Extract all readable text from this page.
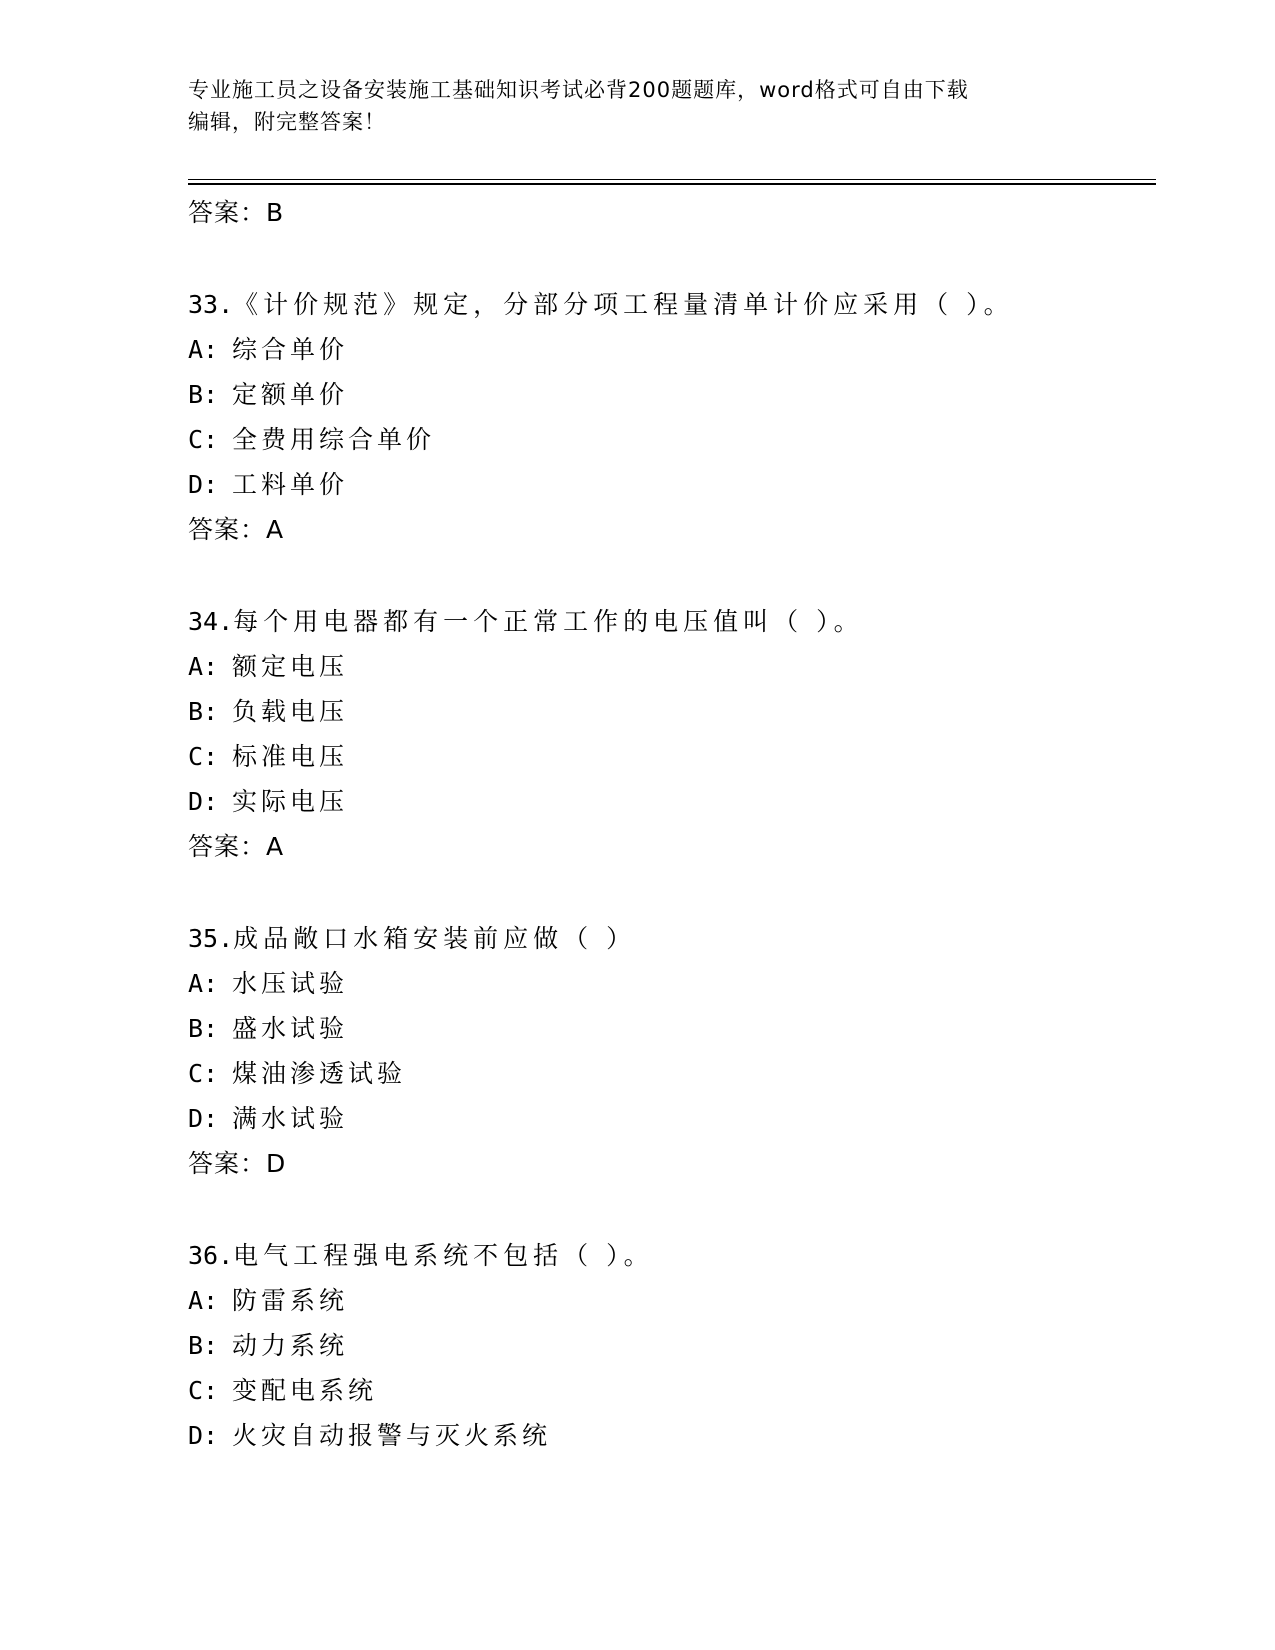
专业施工员之设备安装施工基础知识考试必背200题题库，word格式可自由下载
编辑，附完整答案！
答案：B
33.《计价规范》规定，分部分项工程量清单计价应采用（ ）。
A: 综合单价
B: 定额单价
C: 全费用综合单价
D: 工料单价
答案：A
34.每个用电器都有一个正常工作的电压值叫（ ）。
A: 额定电压
B: 负载电压
C: 标准电压
D: 实际电压
答案：A
35.成品敞口水箱安装前应做（ ）
A: 水压试验
B: 盛水试验
C: 煤油渗透试验
D: 满水试验
答案：D
36.电气工程强电系统不包括（ ）。
A: 防雷系统
B: 动力系统
C: 变配电系统
D: 火灾自动报警与灭火系统
